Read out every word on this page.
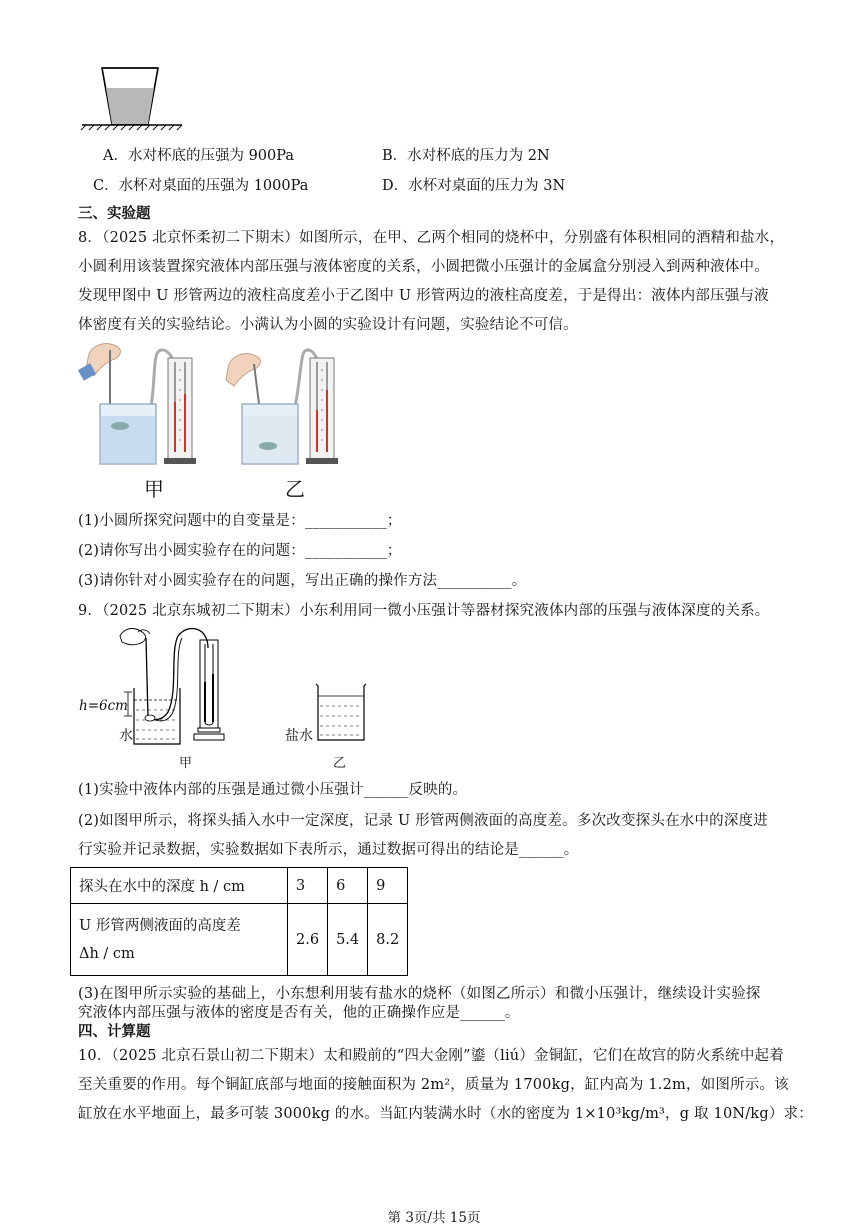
A．水对杯底的压强为 900Pa	B．水对杯底的压力为 2N
C．水杯对桌面的压强为 1000Pa	D．水杯对桌面的压力为 3N
三、实验题
8．（2025 北京怀柔初二下期末）如图所示，在甲、乙两个相同的烧杯中，分别盛有体积相同的酒精和盐水，
小圆利用该装置探究液体内部压强与液体密度的关系，小圆把微小压强计的金属盒分别浸入到两种液体中。
发现甲图中 U 形管两边的液柱高度差小于乙图中 U 形管两边的液柱高度差，于是得出：液体内部压强与液
体密度有关的实验结论。小满认为小圆的实验设计有问题，实验结论不可信。
甲	乙
(1)小圆所探究问题中的自变量是：___________；
(2)请你写出小圆实验存在的问题：___________；
(3)请你针对小圆实验存在的问题，写出正确的操作方法__________。
9．（2025 北京东城初二下期末）小东利用同一微小压强计等器材探究液体内部的压强与液体深度的关系。
h=6cm
水
甲
盐水
乙
(1)实验中液体内部的压强是通过微小压强计______反映的。
(2)如图甲所示，将探头插入水中一定深度，记录 U 形管两侧液面的高度差。多次改变探头在水中的深度进
行实验并记录数据，实验数据如下表所示，通过数据可得出的结论是______。
探头在水中的深度 h / cm	3	6	9

U 形管两侧液面的高度差
Δh / cm	2.6	5.4	8.2
(3)在图甲所示实验的基础上，小东想利用装有盐水的烧杯（如图乙所示）和微小压强计，继续设计实验探
究液体内部压强与液体的密度是否有关，他的正确操作应是______。
四、计算题
10．（2025 北京石景山初二下期末）太和殿前的“四大金刚”鎏（liú）金铜缸，它们在故宫的防火系统中起着
至关重要的作用。每个铜缸底部与地面的接触面积为 2m²，质量为 1700kg，缸内高为 1.2m，如图所示。该
缸放在水平地面上，最多可装 3000kg 的水。当缸内装满水时（水的密度为 1×10³kg/m³，g 取 10N/kg）求：
第 3页/共 15页
